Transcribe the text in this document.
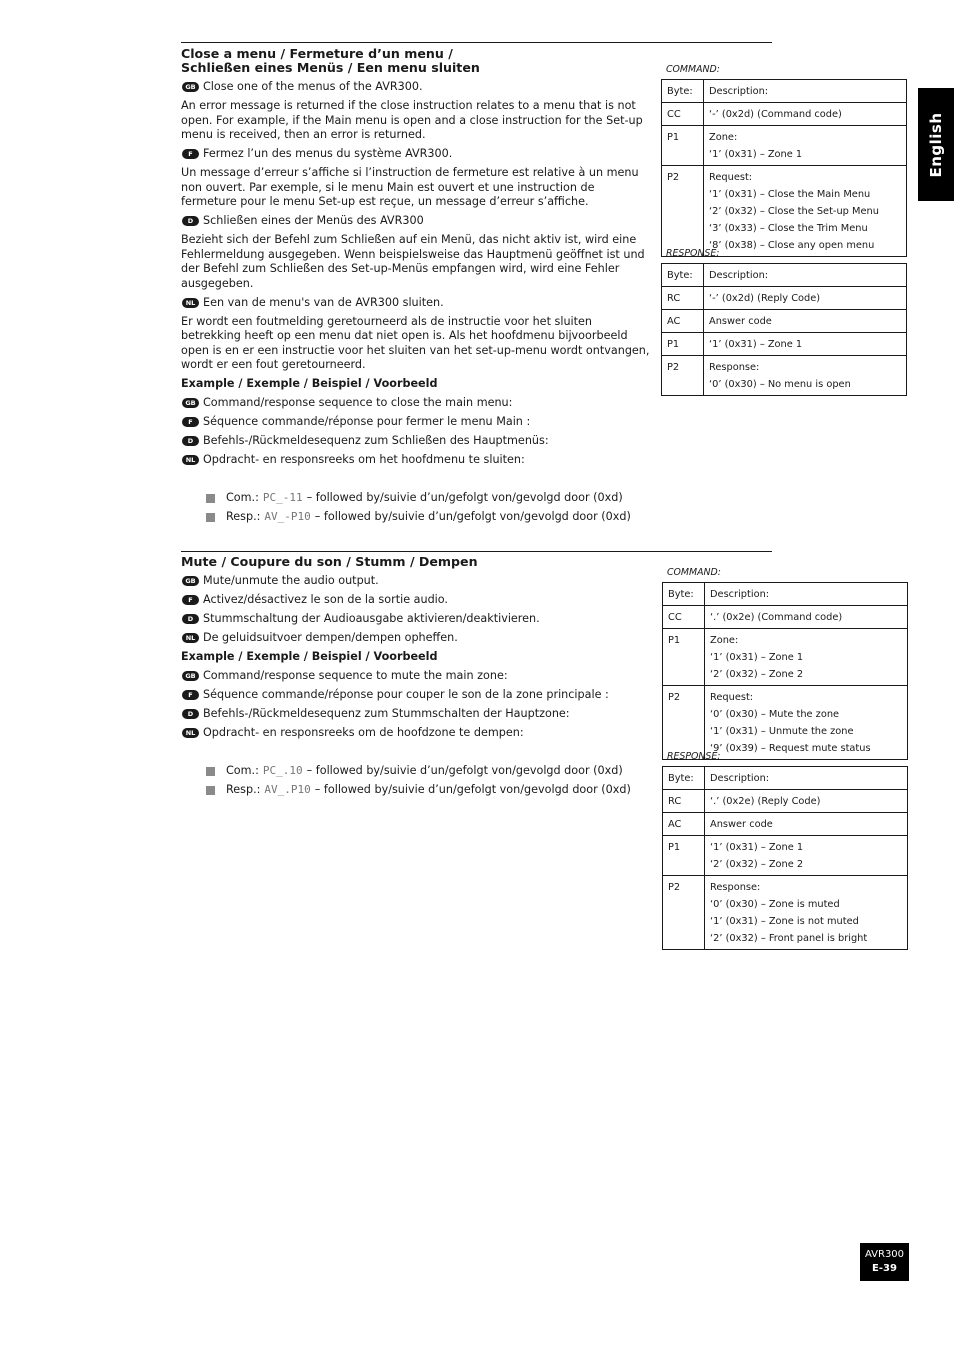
English
Close a menu / Fermeture d’un menu /
Schließen eines Menüs / Een menu sluiten
GB Close one of the menus of the AVR300.
An error message is returned if the close instruction relates to a menu that is not open. For example, if the Main menu is open and a close instruction for the Set-up menu is received, then an error is returned.
F Fermez l’un des menus du système AVR300.
Un message d’erreur s’affiche si l’instruction de fermeture est relative à un menu non ouvert. Par exemple, si le menu Main est ouvert et une instruction de fermeture pour le menu Set-up est reçue, un message d’erreur s’affiche.
D Schließen eines der Menüs des AVR300
Bezieht sich der Befehl zum Schließen auf ein Menü, das nicht aktiv ist, wird eine Fehlermeldung ausgegeben. Wenn beispielsweise das Hauptmenü geöffnet ist und der Befehl zum Schließen des Set-up-Menüs empfangen wird, wird eine Fehler ausgegeben.
NL Een van de menu's van de AVR300 sluiten.
Er wordt een foutmelding geretourneerd als de instructie voor het sluiten betrekking heeft op een menu dat niet open is. Als het hoofdmenu bijvoorbeeld open is en er een instructie voor het sluiten van het set-up-menu wordt ontvangen, wordt er een fout geretourneerd.
Example / Exemple / Beispiel / Voorbeeld
GB Command/response sequence to close the main menu:
F Séquence commande/réponse pour fermer le menu Main :
D Befehls-/Rückmeldesequenz zum Schließen des Hauptmenüs:
NL Opdracht- en responsreeks om het hoofdmenu te sluiten:
Com.: PC_-11 – followed by/suivie d’un/gefolgt von/gevolgd door (0xd)
Resp.: AV_-P10 – followed by/suivie d’un/gefolgt von/gevolgd door (0xd)
COMMAND:
Byte:	Description:

CC	‘-’ (0x2d) (Command code)

P1	Zone:
‘1’ (0x31) – Zone 1

P2	Request:
‘1’ (0x31) – Close the Main Menu
‘2’ (0x32) – Close the Set-up Menu
‘3’ (0x33) – Close the Trim Menu
‘8’ (0x38) – Close any open menu
RESPONSE:
Byte:	Description:

RC	‘-’ (0x2d) (Reply Code)

AC	Answer code

P1	‘1’ (0x31) – Zone 1

P2	Response:
‘0’ (0x30) – No menu is open
Mute / Coupure du son / Stumm / Dempen
GB Mute/unmute the audio output.
F Activez/désactivez le son de la sortie audio.
D Stummschaltung der Audioausgabe aktivieren/deaktivieren.
NL De geluidsuitvoer dempen/dempen opheffen.
Example / Exemple / Beispiel / Voorbeeld
GB Command/response sequence to mute the main zone:
F Séquence commande/réponse pour couper le son de la zone principale :
D Befehls-/Rückmeldesequenz zum Stummschalten der Hauptzone:
NL Opdracht- en responsreeks om de hoofdzone te dempen:
Com.: PC_.10 – followed by/suivie d’un/gefolgt von/gevolgd door (0xd)
Resp.: AV_.P10 – followed by/suivie d’un/gefolgt von/gevolgd door (0xd)
COMMAND:
Byte:	Description:

CC	‘.’ (0x2e) (Command code)

P1	Zone:
‘1’ (0x31) – Zone 1
‘2’ (0x32) – Zone 2

P2	Request:
‘0’ (0x30) – Mute the zone
‘1’ (0x31) – Unmute the zone
‘9’ (0x39) – Request mute status
RESPONSE:
Byte:	Description:

RC	‘.’ (0x2e) (Reply Code)

AC	Answer code

P1	‘1’ (0x31) – Zone 1
‘2’ (0x32) – Zone 2

P2	Response:
‘0’ (0x30) – Zone is muted
‘1’ (0x31) – Zone is not muted
‘2’ (0x32) – Front panel is bright
AVR300
E-39
